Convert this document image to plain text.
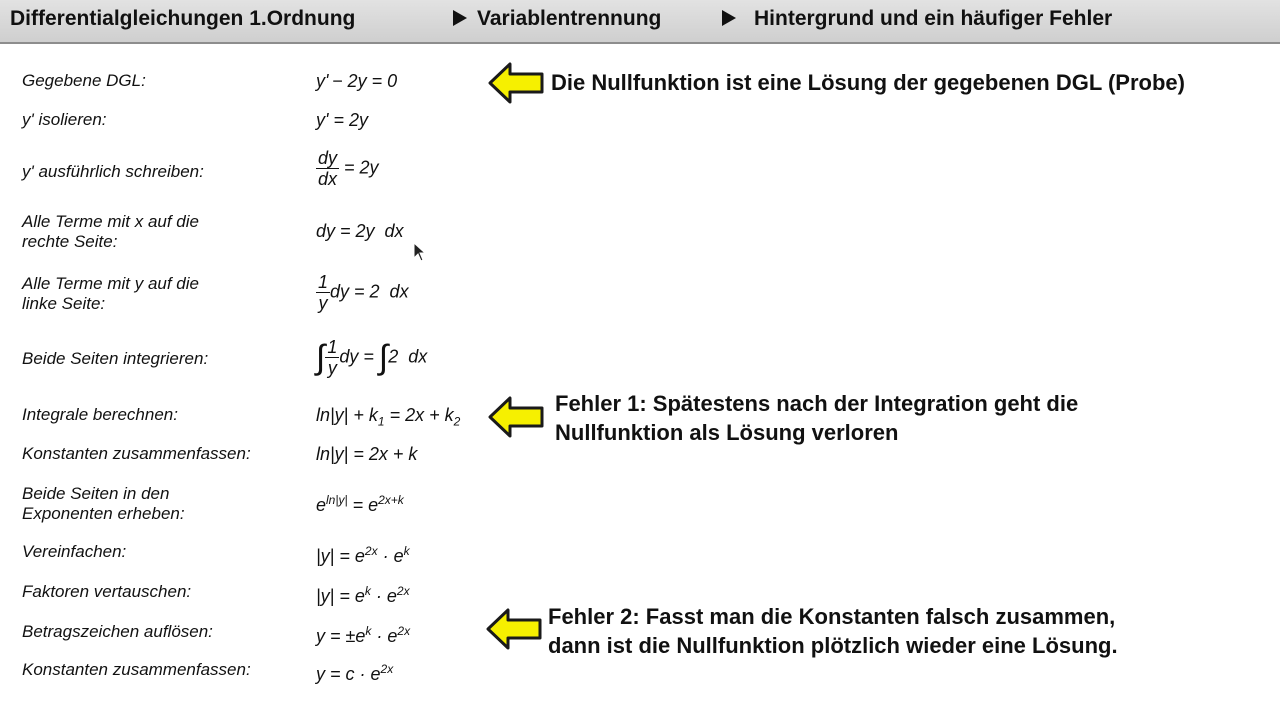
Differentialgleichungen 1.Ordnung	Variablentrennung	Hintergrund und ein häufiger Fehler
Gegebene DGL:
y' isolieren:
y' ausführlich schreiben:
Alle Terme mit x auf die
rechte Seite:
Alle Terme mit y auf die
linke Seite:
Beide Seiten integrieren:
Integrale berechnen:
Konstanten zusammenfassen:
Beide Seiten in den
Exponenten erheben:
Vereinfachen:
Faktoren vertauschen:
Betragszeichen auflösen:
Konstanten zusammenfassen:
y' − 2y = 0
y' = 2y
$\frac{dy}{dx} = 2y$
dy = 2y  dx
$\frac{1}{y}$ dy = 2  dx
∫ $\frac{1}{y}$ dy = ∫2  dx
$\ln|y| + k_1 = 2x + k_2$
ln|y| = 2x + k
$e^{ln|y|} = e^{2x+k}$
$|y| = e^{2x} \cdot e^k$
$|y| = e^k \cdot e^{2x}$
$y = \pm e^k \cdot e^{2x}$
$y = c \cdot e^{2x}$
Die Nullfunktion ist eine Lösung der gegebenen DGL (Probe)
Fehler 1: Spätestens nach der Integration geht die
Nullfunktion als Lösung verloren
Fehler 2: Fasst man die Konstanten falsch zusammen,
dann ist die Nullfunktion plötzlich wieder eine Lösung.
